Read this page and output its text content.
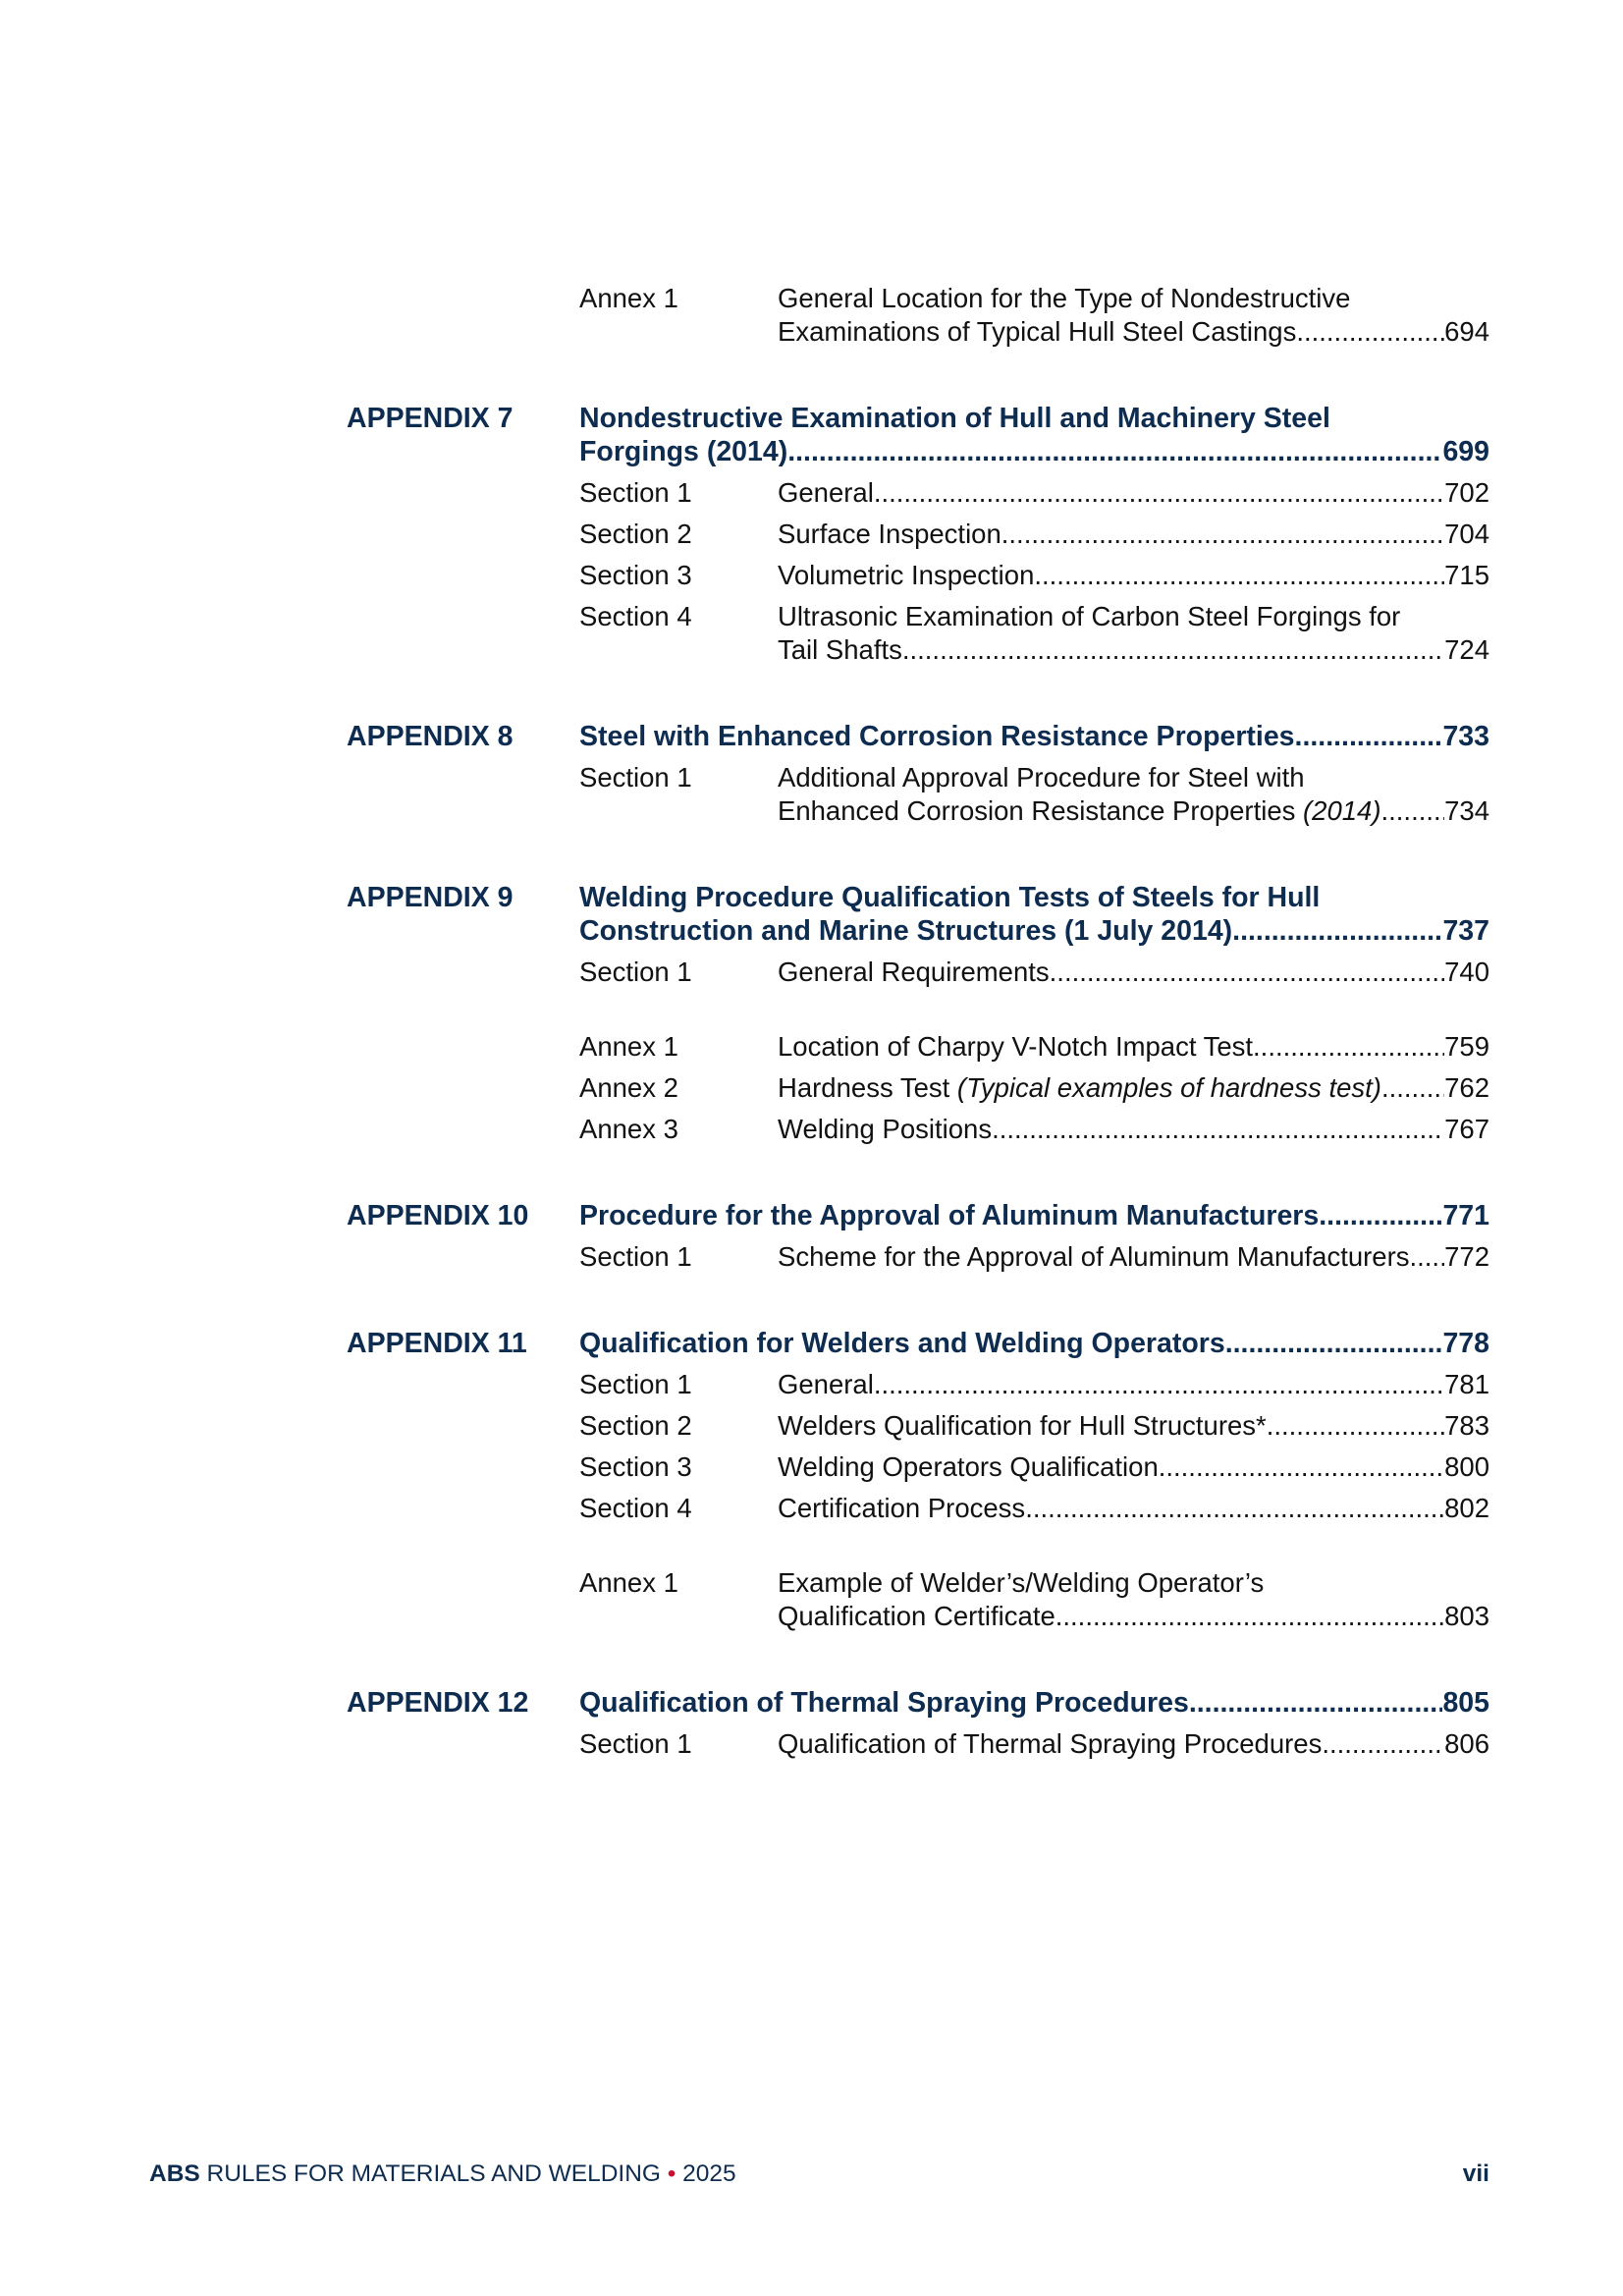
Annex 1	General Location for the Type of Nondestructive
Examinations of Typical Hull Steel Castings .....	694
APPENDIX 7 Nondestructive Examination of Hull and Machinery Steel
Forgings (2014) .....	699
Section 1	General .....	702
Section 2	Surface Inspection .....	704
Section 3	Volumetric Inspection .....	715
Section 4	Ultrasonic Examination of Carbon Steel Forgings for
Tail Shafts .....	724
APPENDIX 8 Steel with Enhanced Corrosion Resistance Properties .....	733
Section 1	Additional Approval Procedure for Steel with
Enhanced Corrosion Resistance Properties (2014) ..... 734
APPENDIX 9 Welding Procedure Qualification Tests of Steels for Hull
Construction and Marine Structures (1 July 2014) .....	737
Section 1	General Requirements .....	740
Annex 1	Location of Charpy V-Notch Impact Test .....	759
Annex 2	Hardness Test (Typical examples of hardness test) ..... 762
Annex 3	Welding Positions .....	767
APPENDIX 10 Procedure for the Approval of Aluminum Manufacturers .....	771
Section 1	Scheme for the Approval of Aluminum Manufacturers ..... 772
APPENDIX 11 Qualification for Welders and Welding Operators .....	778
Section 1	General .....	781
Section 2	Welders Qualification for Hull Structures* .....	783
Section 3	Welding Operators Qualification .....	800
Section 4	Certification Process .....	802
Annex 1	Example of Welder’s/Welding Operator’s
Qualification Certificate .....	803
APPENDIX 12 Qualification of Thermal Spraying Procedures .....	805
Section 1	Qualification of Thermal Spraying Procedures .....	806
ABS RULES FOR MATERIALS AND WELDING • 2025	vii
